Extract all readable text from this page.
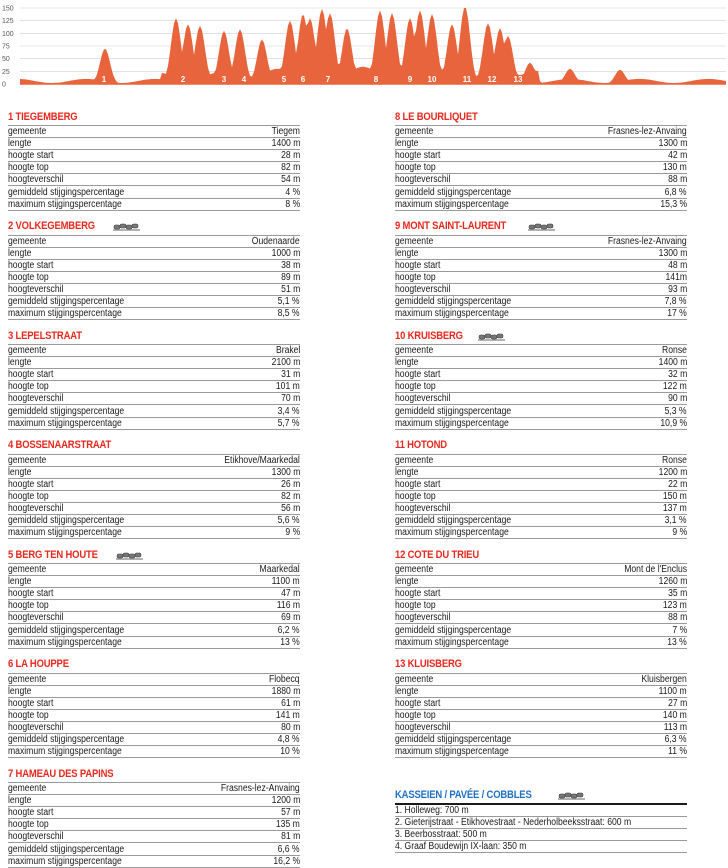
150
125
100
75
50
25
0
1	2	3 4	5 6	7	8	9 10	11 12 13
1 TIEGEMBERG
gemeente	Tiegem
lengte	1400 m
hoogte start	28 m
hoogte top	82 m
hoogteverschil	54 m
gemiddeld stijgingspercentage	4 %
maximum stijgingspercentage	8 %
2 VOLKEGEMBERG
gemeente	Oudenaarde
lengte	1000 m
hoogte start	38 m
hoogte top	89 m
hoogteverschil	51 m
gemiddeld stijgingspercentage	5,1 %
maximum stijgingspercentage	8,5 %
3 LEPELSTRAAT
gemeente	Brakel
lengte	2100 m
hoogte start	31 m
hoogte top	101 m
hoogteverschil	70 m
gemiddeld stijgingspercentage	3,4 %
maximum stijgingspercentage	5,7 %
4 BOSSENAARSTRAAT
gemeente	Etikhove/Maarkedal
lengte	1300 m
hoogte start	26 m
hoogte top	82 m
hoogteverschil	56 m
gemiddeld stijgingspercentage	5,6 %
maximum stijgingspercentage	9 %
5 BERG TEN HOUTE
gemeente	Maarkedal
lengte	1100 m
hoogte start	47 m
hoogte top	116 m
hoogteverschil	69 m
gemiddeld stijgingspercentage	6,2 %
maximum stijgingspercentage	13 %
6 LA HOUPPE
gemeente	Flobecq
lengte	1880 m
hoogte start	61 m
hoogte top	141 m
hoogteverschil	80 m
gemiddeld stijgingspercentage	4,8 %
maximum stijgingspercentage	10 %
7 HAMEAU DES PAPINS
gemeente	Frasnes-lez-Anvaing
lengte	1200 m
hoogte start	57 m
hoogte top	135 m
hoogteverschil	81 m
gemiddeld stijgingspercentage	6,6 %
maximum stijgingspercentage	16,2 %
8 LE BOURLIQUET
gemeente	Frasnes-lez-Anvaing
lengte	1300 m
hoogte start	42 m
hoogte top	130 m
hoogteverschil	88 m
gemiddeld stijgingspercentage	6,8 %
maximum stijgingspercentage	15,3 %
9 MONT SAINT-LAURENT
gemeente	Frasnes-lez-Anvaing
lengte	1300 m
hoogte start	48 m
hoogte top	141m
hoogteverschil	93 m
gemiddeld stijgingspercentage	7,8 %
maximum stijgingspercentage	17 %
10 KRUISBERG
gemeente	Ronse
lengte	1400 m
hoogte start	32 m
hoogte top	122 m
hoogteverschil	90 m
gemiddeld stijgingspercentage	5,3 %
maximum stijgingspercentage	10,9 %
11 HOTOND
gemeente	Ronse
lengte	1200 m
hoogte start	22 m
hoogte top	150 m
hoogteverschil	137 m
gemiddeld stijgingspercentage	3,1 %
maximum stijgingspercentage	9 %
12 COTE DU TRIEU
gemeente	Mont de l'Enclus
lengte	1260 m
hoogte start	35 m
hoogte top	123 m
hoogteverschil	88 m
gemiddeld stijgingspercentage	7 %
maximum stijgingspercentage	13 %
13 KLUISBERG
gemeente	Kluisbergen
lengte	1100 m
hoogte start	27 m
hoogte top	140 m
hoogteverschil	113 m
gemiddeld stijgingspercentage	6,3 %
maximum stijgingspercentage	11 %
KASSEIEN / PAVÉE / COBBLES
1. Holleweg: 700 m
2. Gieterijstraat - Etikhovestraat - Nederholbeeksstraat: 600 m
3. Beerbosstraat: 500 m
4. Graaf Boudewijn IX-laan: 350 m
